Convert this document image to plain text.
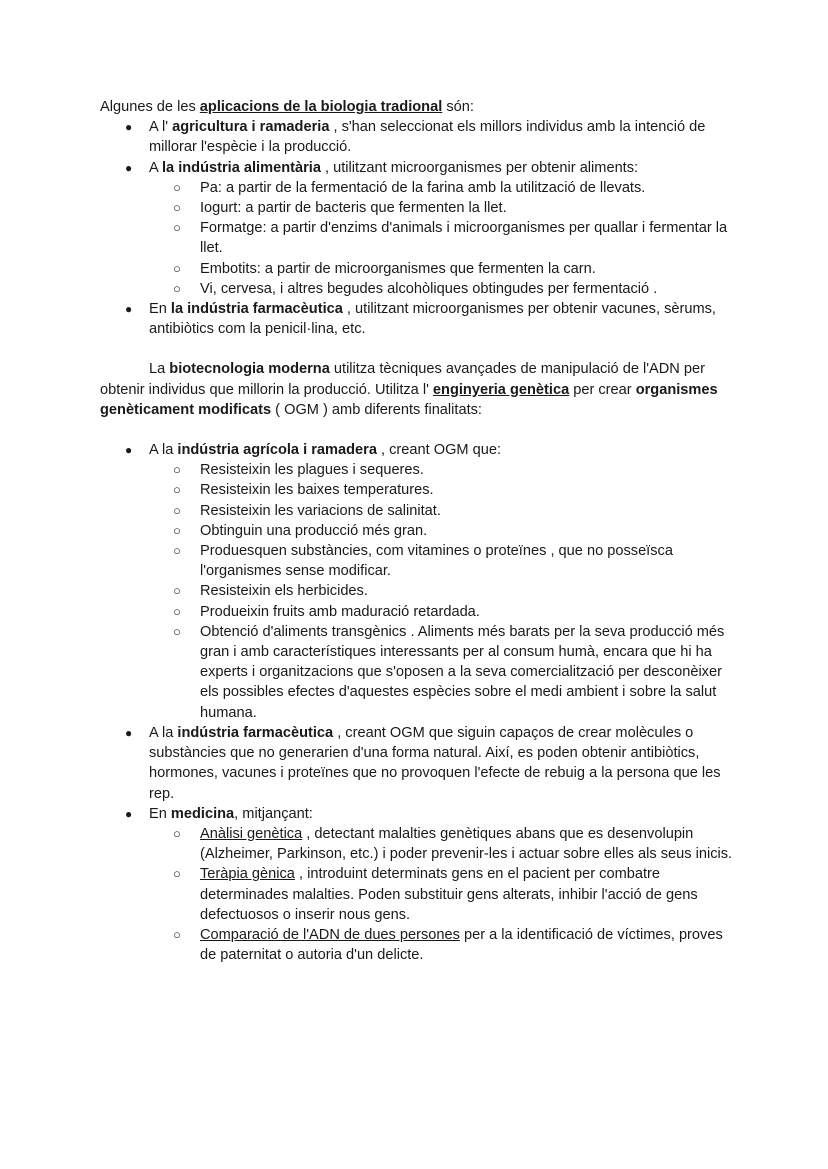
Algunes de les aplicacions de la biologia tradional són:

● A l' agricultura i ramaderia , s'han seleccionat els millors individus amb la intenció de millorar l'espècie i la producció.
● A la indústria alimentària , utilitzant microorganismes per obtenir aliments:
○ Pa: a partir de la fermentació de la farina amb la utilització de llevats.
○ Iogurt: a partir de bacteris que fermenten la llet.
○ Formatge: a partir d'enzims d'animals i microorganismes per quallar i fermentar la llet.
○ Embotits: a partir de microorganismes que fermenten la carn.
○ Vi, cervesa, i altres begudes alcohòliques obtingudes per fermentació .
● En la indústria farmacèutica , utilitzant microorganismes per obtenir vacunes, sèrums, antibiòtics com la penicil·lina, etc.

La biotecnologia moderna utilitza tècniques avançades de manipulació de l'ADN per obtenir individus que millorin la producció. Utilitza l' enginyeria genètica per crear organismes genèticament modificats ( OGM ) amb diferents finalitats:

● A la indústria agrícola i ramadera , creant OGM que:
○ Resisteixin les plagues i sequeres.
○ Resisteixin les baixes temperatures.
○ Resisteixin les variacions de salinitat.
○ Obtinguin una producció més gran.
○ Produesquen substàncies, com vitamines o proteïnes , que no posseïsca l'organismes sense modificar.
○ Resisteixin els herbicides.
○ Produeixin fruits amb maduració retardada.
○ Obtenció d'aliments transgènics . Aliments més barats per la seva producció més gran i amb característiques interessants per al consum humà, encara que hi ha experts i organitzacions que s'oposen a la seva comercialització per desconèixer els possibles efectes d'aquestes espècies sobre el medi ambient i sobre la salut humana.
● A la indústria farmacèutica , creant OGM que siguin capaços de crear molècules o substàncies que no generarien d'una forma natural. Així, es poden obtenir antibiòtics, hormones, vacunes i proteïnes que no provoquen l'efecte de rebuig a la persona que les rep.
● En medicina, mitjançant:
○ Anàlisi genètica , detectant malalties genètiques abans que es desenvolupin (Alzheimer, Parkinson, etc.) i poder prevenir-les i actuar sobre elles als seus inicis.
○ Teràpia gènica , introduint determinats gens en el pacient per combatre determinades malalties. Poden substituir gens alterats, inhibir l'acció de gens defectuosos o inserir nous gens.
○ Comparació de l'ADN de dues persones per a la identificació de víctimes, proves de paternitat o autoria d'un delicte.
